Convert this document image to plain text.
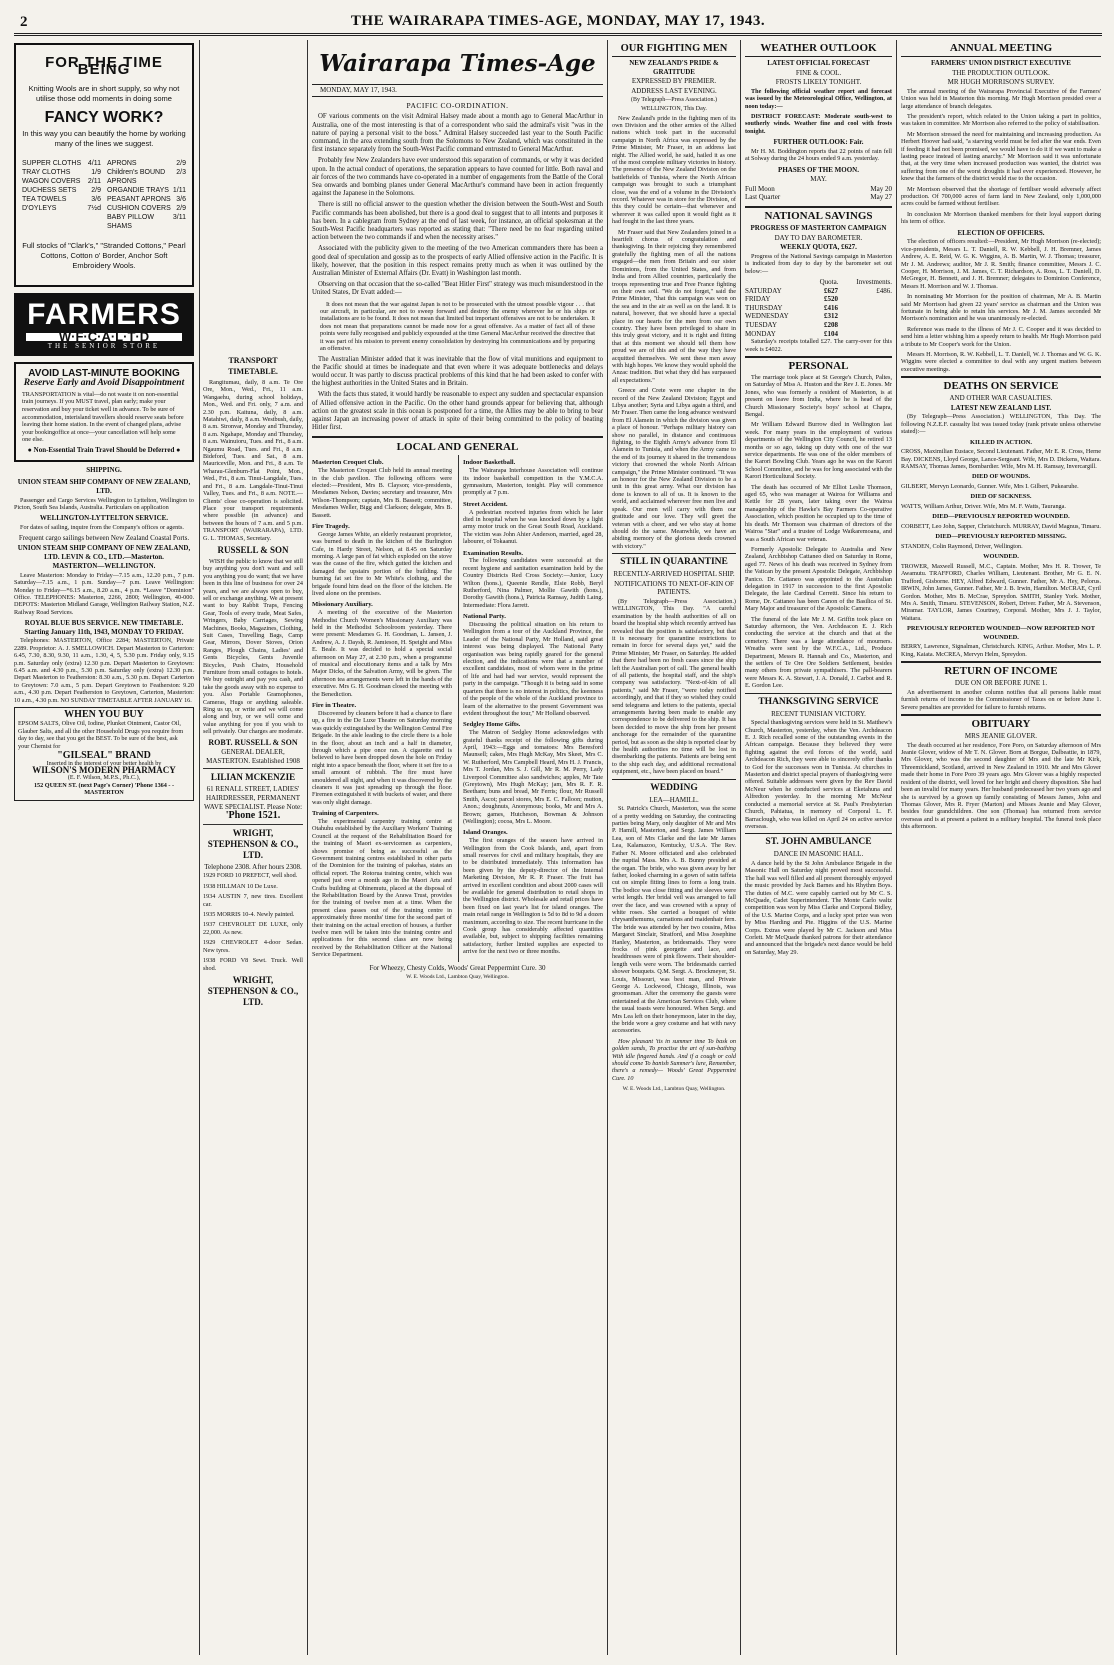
2	THE WAIRARAPA TIMES-AGE, MONDAY, MAY 17, 1943.
FOR THE TIME BEING
Knitting Wools are in short supply, so why not utilise those odd moments in doing some
FANCY WORK?
In this way you can beautify the home by working many of the lines we suggest.
SUPPER CLOTHS 4/11
TRAY CLOTHS	1/9
WAGON COVERS 2/11
DUCHESS SETS 2/9
TEA TOWELS	3/6
D'OYLEYS	7½d
APRONS	2/9
Children's BOUND APRONS
2/3
ORGANDIE TRAYS 1/11
PEASANT APRONS 3/6
CUSHION COVERS 2/9
BABY PILLOW SHAMS
3/11
Full stocks of "Clark's," "Stranded Cottons," Pearl Cottons, Cotton o' Border, Anchor Soft Embroidery Wools.
FARMERS
W·F·C·A·L·T·D
THE SENIOR STORE
AVOID LAST-MINUTE BOOKING
Reserve Early and Avoid Disappointment
TRANSPORTATION is vital—do not waste it on non-essential train journeys. If you MUST travel, plan early; make your reservation and buy your ticket well in advance. To be sure of accommodation, interisland travellers should reserve seats before leaving their home station. In the event of changed plans, advise your bookingoffice at once—your cancellation will help some one else.
● Non-Essential Train Travel Should be Deferred ●
SHIPPING.
UNION STEAM SHIP COMPANY OF NEW ZEALAND, LTD.

Passenger and Cargo Services Wellington to Lyttelton, Wellington to Picton, South Sea Islands, Australia. Particulars on application

WELLINGTON-LYTTELTON SERVICE.

For dates of sailing, inquire from the Company's offices or agents.

Frequent cargo sailings between New Zealand Coastal Ports.
UNION STEAM SHIP COMPANY OF NEW ZEALAND, LTD. LEVIN & CO., LTD.—Masterton.
MASTERTON—WELLINGTON.

Leave Masterton: Monday to Friday—7.15 a.m., 12.20 p.m., 7 p.m. Saturday—7.15 a.m., 1 p.m. Sunday—7 p.m. Leave Wellington: Monday to Friday—*6.15 a.m., 8.20 a.m., 4 p.m. *Leave "Dominion" Office. TELEPHONES: Masterton, 2266, 2800; Wellington, 40-000. DEPOTS: Masterton Midland Garage, Wellington Railway Station, N.Z. Railway Road Services.

ROYAL BLUE BUS SERVICE. NEW TIMETABLE. Starting January 11th, 1943, MONDAY TO FRIDAY.

Telephones: MASTERTON, Office 2284; MASTERTON, Private 2289. Proprietor: A. J. SMELLOWICH. Depart Masterton to Carterton: 6.45, 7.30, 8.30, 9.30, 11 a.m., 1.30, 4, 5, 5.30 p.m. Friday only, 9.15 p.m. Saturday only (extra) 12.30 p.m. Depart Masterton to Greytown: 6.45 a.m. and 4.30 p.m., 5.30 p.m. Saturday only (extra) 12.30 p.m. Depart Masterton to Featherston: 8.30 a.m., 5.30 p.m. Depart Carterton to Greytown: 7.0 a.m., 5 p.m. Depart Greytown to Featherston: 9.20 a.m., 4.30 p.m. Depart Featherston to Greytown, Carterton, Masterton: 10 a.m., 4.30 p.m. NO SUNDAY TIMETABLE AFTER JANUARY 16.

WHEN YOU BUY
EPSOM SALTS, Olive Oil, Iodine, Plunket Ointment, Castor Oil, Glauber Salts, and all the other Household Drugs you require from day to day, see that you get the BEST. To be sure of the best, ask your Chemist for
"GILSEAL" BRAND
Inserted in the interest of your better health by
WILSON'S MODERN PHARMACY
(E. F. Wilson, M.P.S., Ph.C.),
152 QUEEN ST. (next Page's Corner) 'Phone 1364 - - MASTERTON
TRANSPORT TIMETABLE.

Rangitumau, daily, 8 a.m. Te Ore Ore, Mon., Wed., Fri., 11 a.m. Wangaehu, during school holidays, Mon., Wed. and Fri. only, 7 a.m. and 2.30 p.m. Kaituna, daily, 8 a.m. Matahiwi, daily, 8 a.m. Westbush, daily, 8 a.m. Stronvar, Monday and Thursday, 8 a.m. Ngahape, Monday and Thursday, 8 a.m. Wainuioru, Tues. and Fri., 8 a.m. Ngaumu Road, Tues. and Fri., 8 a.m. Bideford, Tues. and Sat., 8 a.m. Mauriceville, Mon. and Fri., 8 a.m. Te Wharau-Glenburn-Flat Point, Mon., Wed., Fri., 8 a.m. Tinui-Langdale, Tues. and Fri., 8 a.m. Langdale-Tinui-Tinui Valley, Tues. and Fri., 8 a.m. NOTE.—Clients' close co-operation is solicited. Place your transport requirements where possible (in advance) and between the hours of 7 a.m. and 5 p.m. TRANSPORT (WAIRARAPA), LTD. G. L. THOMAS, Secretary.

RUSSELL & SON

WISH the public to know that we still buy anything you don't want and sell you anything you do want; that we have been in this line of business for over 24 years, and we are always open to buy, sell or exchange anything. We at present want to buy Rabbit Traps, Fencing Gear, Tools of every trade, Meat Safes, Wringers, Baby Carriages, Sewing Machines, Books, Magazines, Clothing, Suit Cases, Travelling Bags, Camp Gear, Mirrors, Dover Stoves, Orion Ranges, Plough Chains, Ladies' and Gents Bicycles, Gents Juvenile Bicycles, Push Chairs, Household Furniture from small cottages to hotels. We buy outright and pay you cash, and take the goods away with no expense to you. Also Portable Gramophones, Cameras, Hugs or anything saleable. Ring us up, or write and we will come along and buy, or we will come and value anything for you if you wish to sell privately. Our charges are moderate.

ROBT. RUSSELL & SON
GENERAL DEALER, MASTERTON. Established 1908
LILIAN MCKENZIE
61 RENALL STREET, LADIES' HAIRDRESSER, PERMANENT WAVE SPECIALIST. Please Note:
'Phone 1521.
WRIGHT, STEPHENSON & CO., LTD.
Telephone 2308. After hours 2308.

1929 FORD 10 PREFECT, well shod.

1938 HILLMAN 10 De Luxe.

1934 AUSTIN 7, new tires. Excellent car.

1935 MORRIS 10-4. Newly painted.

1937 CHEVROLET DE LUXE, only 22,000. As new.

1929 CHEVROLET 4-door Sedan. New tyres.

1938 FORD V8 Sewt. Truck. Well shod.

WRIGHT, STEPHENSON & CO., LTD.
Wairarapa Times-Age
MONDAY, MAY 17, 1943.
PACIFIC CO-ORDINATION.

OF various comments on the visit Admiral Halsey made about a month ago to General MacArthur in Australia, one of the most interesting is that of a correspondent who said the admiral's visit "was in the nature of paying a personal visit to the boss." Admiral Halsey succeeded last year to the South Pacific command, in the area extending south from the Solomons to New Zealand, which was constituted in the first instance separately from the South-West Pacific command entrusted to General MacArthur.

Probably few New Zealanders have ever understood this separation of commands, or why it was decided upon. In the actual conduct of operations, the separation appears to have counted for little. Both naval and air forces of the two commands have co-operated in a number of engagements from the Battle of the Coral Sea onwards and bombing planes under General MacArthur's command have been in action frequently against the Japanese in the Solomons.

There is still no official answer to the question whether the division between the South-West and South Pacific commands has been abolished, but there is a good deal to suggest that to all intents and purposes it has been. In a cablegram from Sydney at the end of last week, for instance, an official spokesman at the South-West Pacific headquarters was reported as stating that: "There need be no fear regarding united action between the two commands if and when the necessity arises."

Associated with the publicity given to the meeting of the two American commanders there has been a good deal of speculation and gossip as to the prospects of early Allied offensive action in the Pacific. It is likely, however, that the position in this respect remains pretty much as when it was outlined by the Australian Minister of External Affairs (Dr. Evatt) in Washington last month.

Observing on that occasion that the so-called "Beat Hitler First" strategy was much misunderstood in the United States, Dr Evatt added:—

It does not mean that the war against Japan is not to be prosecuted with the utmost possible vigour . . . that our aircraft, in particular, are not to sweep forward and destroy the enemy wherever he or his ships or installations are to be found. It does not mean that limited but important offensives are not to be undertaken. It does not mean that preparations cannot be made now for a great offensive. As a matter of fact all of these points were fully recognised and publicly expounded at the time General MacArthur received the directive that it was part of his mission to prevent enemy consolidation by destroying his communications and by preparing an offensive.

The Australian Minister added that it was inevitable that the flow of vital munitions and equipment to the Pacific should at times be inadequate and that even where it was adequate bottlenecks and delays would occur. It was partly to discuss practical problems of this kind that he had been asked to confer with the highest authorities in the United States and in Britain.

With the facts thus stated, it would hardly be reasonable to expect any sudden and spectacular expansion of Allied offensive action in the Pacific. On the other hand grounds appear for believing that, although action on the greatest scale in this ocean is postponed for a time, the Allies may be able to bring to bear against Japan an increasing power of attack in spite of their being committed to the policy of beating Hitler first.

LOCAL AND GENERAL
Masterton Croquet Club.

The Masterton Croquet Club held its annual meeting in the club pavilion. The following officers were elected:—President, Mrs B. Clayson; vice-presidents, Mesdames Nelson, Davies; secretary and treasurer, Mrs Wilson-Thompson; captain, Mrs B. Bassett; committee, Mesdames Weller, Bigg and Clarkson; delegate, Mrs B. Bassett.

Fire Tragedy.

George James White, an elderly restaurant proprietor, was burned to death in the kitchen of the Burlington Cafe, in Hardy Street, Nelson, at 8.45 on Saturday morning. A large pan of fat which exploded on the stove was the cause of the fire, which gutted the kitchen and damaged the upstairs portion of the building. The burning fat set fire to Mr White's clothing, and the brigade found him dead on the floor of the kitchen. He lived alone on the premises.

Missionary Auxiliary.

A meeting of the executive of the Masterton Methodist Church Women's Missionary Auxiliary was held in the Methodist Schoolroom yesterday. There were present: Mesdames G. H. Goodman, L. Jansen, J. Andrew, A. J. Daysh, R. Jamieson, H. Speight and Miss E. Beale. It was decided to hold a special social afternoon on May 27, at 2.30 p.m., when a programme of musical and elocutionary items and a talk by Mrs Major Dicks, of the Salvation Army, will be given. The afternoon tea arrangements were left in the hands of the executive. Mrs G. H. Goodman closed the meeting with the Benediction.

Fire in Theatre.

Discovered by cleaners before it had a chance to flare up, a fire in the De Luxe Theatre on Saturday morning was quickly extinguished by the Wellington Central Fire Brigade. In the aisle leading to the circle there is a hole in the floor, about an inch and a half in diameter, through which a pipe once ran. A cigarette end is believed to have been dropped down the hole on Friday night into a space beneath the floor, where it set fire to a small amount of rubbish. The fire must have smouldered all night, and when it was discovered by the cleaners it was just spreading up through the floor. Firemen extinguished it with buckets of water, and there was only slight damage.

Training of Carpenters.

The experimental carpentry training centre at Otahuhu established by the Auxiliary Workers' Training Council at the request of the Rehabilitation Board for the training of Maori ex-servicemen as carpenters, shows promise of being as successful as the Government training centres established in other parts of the Dominion for the training of pakehas, states an official report. The Rotorua training centre, which was opened just over a month ago in the Maori Arts and Crafts building at Ohinemutu, placed at the disposal of the Rehabilitation Board by the Arawa Trust, provides for the training of twelve men at a time. When the present class passes out of the training centre in approximately three months' time for the second part of their training on the actual erection of houses, a further twelve men will be taken into the training centre and applications for this second class are now being received by the Rehabilitation Officer at the National Service Department.

Indoor Basketball.

The Wairarapa Interhouse Association will continue its indoor basketball competition in the Y.M.C.A. gymnasium, Masterton, tonight. Play will commence promptly at 7 p.m.

Street Accident.

A pedestrian received injuries from which he later died in hospital when he was knocked down by a light army motor truck on the Great South Road, Auckland. The victim was John Ahier Anderson, married, aged 28, labourer, of Tokaanui.

Examination Results.

The following candidates were successful at the recent hygiene and sanitation examination held by the Country Districts Red Cross Society:—Junior, Lucy Wilton (hons.), Queenie Rendle, Elsie Robb, Beryl Rutherford, Nina Palmer, Mollie Gawith (hons.), Dorothy Gawith (hons.), Patricia Ramsay, Judith Laing. Intermediate: Flora Jarrett.

National Party.

Discussing the political situation on his return to Wellington from a tour of the Auckland Province, the Leader of the National Party, Mr Holland, said great interest was being displayed. The National Party organisation was being rapidly geared for the general election, and the indications were that a number of excellent candidates, most of whom were in the prime of life and had had war service, would represent the party in the campaign. "Though it is being said in some quarters that there is no interest in politics, the keenness of the people of the whole of the Auckland province to learn of the alternative to the present Government was evident throughout the tour," Mr Holland observed.

Sedgley Home Gifts.

The Matron of Sedgley Home acknowledges with grateful thanks receipt of the following gifts during April, 1943:—Eggs and tomatoes: Mrs Beresford Maunsell; cakes, Mrs Hugh McKay, Mrs Skeet, Mrs C. W. Rutherford, Mrs Campbell Heard, Mrs H. J. Francis, Mrs T. Jordan, Mrs S. J. Gill, Mr R. M. Perry, Lady Liverpool Committee also sandwiches; apples, Mr Tate (Greytown), Mrs Hugh McKay; jam, Mrs R. F. R. Beetham; buns and bread, Mr Ferris; flour, Mr Russell Smith, Ascot; parcel stores, Mrs E. C. Falloon; mutton, Anon.; doughnuts, Anonymous; books, Mr and Mrs A. Brown; games, Hutcheson, Bowman & Johnson (Wellington); cocoa, Mrs L. Moore.

Island Oranges.

The first oranges of the season have arrived in Wellington from the Cook Islands, and, apart from small reserves for civil and military hospitals, they are to be distributed immediately. This information has been given by the deputy-director of the Internal Marketing Division, Mr R. P. Fraser. The fruit has arrived in excellent condition and about 2000 cases will be available for general distribution to retail shops in the Wellington district. Wholesale and retail prices have been fixed on last year's list for island oranges. The main retail range in Wellington is 5d to 8d to 9d a dozen maximum, according to size. The recent hurricane in the Cook group has considerably affected quantities available, but, subject to shipping facilities remaining satisfactory, further limited supplies are expected to arrive for the next two or three months.

For Wheezy, Chesty Colds, Woods' Great Peppermint Cure. 30
W. E. Woods Ltd., Lambton Quay, Wellington.
OUR FIGHTING MEN
NEW ZEALAND'S PRIDE & GRATITUDE
EXPRESSED BY PREMIER.
ADDRESS LAST EVENING.
(By Telegraph—Press Association.) WELLINGTON, This Day.

New Zealand's pride in the fighting men of its own Division and the other armies of the Allied nations which took part in the successful campaign in North Africa was expressed by the Prime Minister, Mr Fraser, in an address last night. The Allied world, he said, hailed it as one of the most complete military victories in history. The presence of the New Zealand Division on the battlefields of Tunisia, where the North African campaign was brought to such a triumphant close, was the end of a volume in the Division's record. Whatever was in store for the Division, of this they could be certain—that whenever and wherever it was called upon it would fight as it had fought in the last three years.

Mr Fraser said that New Zealanders joined in a heartfelt chorus of congratulation and thanksgiving. In their rejoicing they remembered gratefully the fighting men of all the nations engaged—the men from Britain and our sister Dominions, from the United States, and from India and from Allied countries, particularly the troops representing true and Free France fighting on their own soil. "We do not forget," said the Prime Minister, "that this campaign was won on the sea and in the air as well as on the land. It is natural, however, that we should have a special place in our hearts for the men from our own country. They have been privileged to share in this truly great victory, and it is right and fitting that at this moment we should tell them how proud we are of this and of the way they have acquitted themselves. We sent these men away with high hopes. We know they would uphold the Anzac tradition. But what they did has surpassed all expectations."

Greece and Crete were one chapter in the record of the New Zealand Division; Egypt and Libya another; Syria and Libya again a third, and Mr Fraser. Then came the long advance westward from El Alamein in which the division was given a place of honour. "Perhaps military history can show no parallel, in distance and continuous fighting, to the Eighth Army's advance from El Alamein to Tunisia, and when the Army came to the end of its journey it shared in the tremendous victory that crowned the whole North African campaign," the Prime Minister continued. "It was an honour for the New Zealand Division to be a unit in this great army. What our division has done is known to all of us. It is known to the world, and acclaimed wherever free men live and speak. Our men will carry with them our gratitude and our love. They will greet the veteran with a cheer, and we who stay at home should do the same. Meanwhile, we have an abiding memory of the glorious deeds crowned with victory."

STILL IN QUARANTINE
RECENTLY-ARRIVED HOSPITAL SHIP.
NOTIFICATIONS TO NEXT-OF-KIN OF PATIENTS.

(By Telegraph—Press Association.) WELLINGTON, This Day. "A careful examination by the health authorities of all on board the hospital ship which recently arrived has revealed that the position is satisfactory, but that it is necessary for quarantine restrictions to remain in force for several days yet," said the Prime Minister, Mr Fraser, on Saturday. He added that there had been no fresh cases since the ship left the Australian port of call. The general health of all patients, the hospital staff, and the ship's company was satisfactory. "Next-of-kin of all patients," said Mr Fraser, "were today notified accordingly, and that if they so wished they could send telegrams and letters to the patients, special arrangements having been made to enable any correspondence to be delivered to the ship. It has been decided to move the ship from her present anchorage for the remainder of the quarantine period, but as soon as the ship is reported clear by the health authorities no time will be lost in disembarking the patients. Patients are being sent to the ship each day, and additional recreational equipment, etc., have been placed on board."

WEDDING
LEA—HAMILL.

St. Patrick's Church, Masterton, was the scene of a pretty wedding on Saturday, the contracting parties being Mary, only daughter of Mr and Mrs P. Hamill, Masterton, and Sergt. James William Lea, son of Mrs Clarke and the late Mr James Lea, Kalamazoo, Kentucky, U.S.A. The Rev. Father N. Moore officiated and also celebrated the nuptial Mass. Mrs A. B. Bunny presided at the organ. The bride, who was given away by her father, looked charming in a gown of satin taffeta cut on simple fitting lines to form a long train. The bodice was close fitting and the sleeves were wrist length. Her bridal veil was arranged to fall over the face, and was crowned with a spray of white roses. She carried a bouquet of white chrysanthemums, carnations and maidenhair fern. The bride was attended by her two cousins, Miss Margaret Sinclair, Stratford, and Miss Josephine Hanley, Masterton, as bridesmaids. They wore frocks of pink georgette and lace, and headdresses were of pink flowers. Their shoulder-length veils were worn. The bridesmaids carried shower bouquets. Q.M. Sergt. A. Brockmeyer, St. Louis, Missouri, was best man, and Private George A. Lockwood, Chicago, Illinois, was groomsman. After the ceremony the guests were entertained at the American Services Club, where the usual toasts were honoured. When Sergt. and Mrs Lea left on their honeymoon, later in the day, the bride wore a grey costume and hat with navy accessories.

How pleasant 'tis in summer time To bask on golden sands, To practise the art of sun-bathing With idle fingered hands. And if a cough or cold should come To banish Summer's lure, Remember, there's a remedy— Woods' Great Peppermint Cure. 10

W. E. Woods Ltd., Lambton Quay, Wellington.
WEATHER OUTLOOK
LATEST OFFICIAL FORECAST
FINE & COOL.
FROSTS LIKELY TONIGHT.

The following official weather report and forecast was issued by the Meteorological Office, Wellington, at noon today:—

DISTRICT FORECAST: Moderate south-west to southerly winds. Weather fine and cool with frosts tonight.

FURTHER OUTLOOK: Fair.

Mr H. M. Boddington reports that 22 points of rain fell at Solway during the 24 hours ended 9 a.m. yesterday.

PHASES OF THE MOON.
MAY.
Full Moon	May 20
Last Quarter	May 27
NATIONAL SAVINGS
PROGRESS OF MASTERTON CAMPAIGN
DAY TO DAY BAROMETER.
WEEKLY QUOTA, £627.

Progress of the National Savings campaign in Masterton is indicated from day to day by the barometer set out below:—

Quota.	Investments.
SATURDAY	£627	£486.
FRIDAY	£520
THURSDAY	£416
WEDNESDAY	£312
TUESDAY	£208
MONDAY	£104

Saturday's receipts totalled £27. The carry-over for this week is £4022.

PERSONAL

The marriage took place at St George's Church, Paltes, on Saturday of Miss A. Huston and the Rev J. E. Jones. Mr Jones, who was formerly a resident of Masterton, is at present on leave from India, where he is head of the Church Missionary Society's boys' school at Chapra, Bengal.

Mr William Edward Burrow died in Wellington last week. For many years in the employment of various departments of the Wellington City Council, he retired 13 months or so ago, taking up duty with one of the war service departments. He was one of the older members of the Karori Bowling Club. Years ago he was on the Karori School Committee, and he was for long associated with the Karori Horticultural Society.

The death has occurred of Mr Elliot Leslie Thomson, aged 65, who was manager at Wairoa for Williams and Kettle for 28 years, later taking over the Wairoa managership of the Hawke's Bay Farmers Co-operative Association, which position he occupied up to the time of his death. Mr Thomson was chairman of directors of the Wairoa "Star" and a trustee of Lodge Waikaremoana, and was a South African war veteran.

Formerly Apostolic Delegate to Australia and New Zealand, Archbishop Cattaneo died on Saturday in Rome, aged 77. News of his death was received in Sydney from the Vatican by the present Apostolic Delegate, Archbishop Panico. Dr. Cattaneo was appointed to the Australian delegation in 1917 in succession to the first Apostolic Delegate, the late Cardinal Cerretti. Since his return to Rome, Dr. Cattaneo has been Canon of the Basilica of St. Mary Major and treasurer of the Apostolic Camera.

The funeral of the late Mr J. M. Griffin took place on Saturday afternoon, the Ven. Archdeacon E. J. Rich conducting the service at the church and that at the cemetery. There was a large attendance of mourners. Wreaths were sent by the W.F.C.A., Ltd., Produce Department, Messrs R. Hannah and Co., Masterton, and the settlers of Te Ore Ore Soldiers Settlement, besides many others from private sympathisers. The pall-bearers were Messrs K. A. Stewart, J. A. Donald, J. Carbot and R. E. Gordon Lee.

THANKSGIVING SERVICE
RECENT TUNISIAN VICTORY.

Special thanksgiving services were held in St. Matthew's Church, Masterton, yesterday, when the Ven. Archdeacon E. J. Rich recalled some of the outstanding events in the African campaign. Because they believed they were fighting against the evil forces of the world, said Archdeacon Rich, they were able to sincerely offer thanks to God for the successes won in Tunisia. At churches in Masterton and district special prayers of thanksgiving were offered. Suitable addresses were given by the Rev David McNeur when he conducted services at Eketahuna and Alfredton yesterday. In the morning Mr McNeur conducted a memorial service at St. Paul's Presbyterian Church, Pahiatua, in memory of Corporal L. F. Barraclough, who was killed on April 24 on active service overseas.

ST. JOHN AMBULANCE
DANCE IN MASONIC HALL.

A dance held by the St John Ambulance Brigade in the Masonic Hall on Saturday night proved most successful. The hall was well filled and all present thoroughly enjoyed the music provided by Jack Barnes and his Rhythm Boys. The duties of M.C. were capably carried out by Mr C. S. McQuade, Cadet Superintendent. The Monte Carlo waltz competition was won by Miss Clarke and Corporal Bidley, of the U.S. Marine Corps, and a lucky spot prize was won by Miss Harding and Pte. Higgins of the U.S. Marine Corps. Extras were played by Mr C. Jackson and Miss Corlett. Mr McQuade thanked patrons for their attendance and announced that the brigade's next dance would be held on Saturday, May 29.

ANNUAL MEETING
FARMERS' UNION DISTRICT EXECUTIVE
THE PRODUCTION OUTLOOK.
MR HUGH MORRISON'S SURVEY.

The annual meeting of the Wairarapa Provincial Executive of the Farmers' Union was held in Masterton this morning. Mr Hugh Morrison presided over a large attendance of branch delegates.

The president's report, which related to the Union taking a part in politics, was taken in committee. Mr Morrison also referred to the policy of stabilisation.

Mr Morrison stressed the need for maintaining and increasing production. As Herbert Hoover had said, "a starving world must be fed after the war ends. Even if feeding it had not been promised, we would have to do it if we want to make a lasting peace instead of lasting anarchy." Mr Morrison said it was unfortunate that, at the very time when increased production was wanted, the district was suffering from one of the worst droughts it had ever experienced. However, he knew that the farmers of the district would rise to the occasion.

Mr Morrison observed that the shortage of fertiliser would adversely affect production. Of 700,000 acres of farm land in New Zealand, only 1,000,000 acres could be farmed without fertiliser.

In conclusion Mr Morrison thanked members for their loyal support during his term of office.

ELECTION OF OFFICERS.

The election of officers resulted:—President, Mr Hugh Morrison (re-elected); vice-presidents, Messrs L. T. Daniell, R. W. Kebbell, J. H. Bremner, James Andrew, A. E. Reid, W. G. K. Wiggins, A. B. Martin, W. J. Thomas; treasurer, Mr J. M. Andrews; auditor, Mr J. R. Smith; finance committee, Messrs J. C. Cooper, H. Morrison, J. M. James, C. T. Richardson, A. Ross, L. T. Daniell, D. McGregor, H. Bennett, and J. H. Bremner; delegates to Dominion Conference, Messrs H. Morrison and W. J. Thomas.

In nominating Mr Morrison for the position of chairman, Mr A. B. Martin said Mr Morrison had given 22 years' service as chairman and the Union was fortunate in being able to retain his services. Mr J. M. James seconded Mr Morrison's nomination and he was unanimously re-elected.

Reference was made to the illness of Mr J. C. Cooper and it was decided to send him a letter wishing him a speedy return to health. Mr Hugh Morrison paid a tribute to Mr Cooper's work for the Union.

Messrs H. Morrison, R. W. Kebbell, L. T. Daniell, W. J. Thomas and W. G. K. Wiggins were elected a committee to deal with any urgent matters between executive meetings.

DEATHS ON SERVICE
AND OTHER WAR CASUALTIES.
LATEST NEW ZEALAND LIST.

(By Telegraph—Press Association.) WELLINGTON, This Day. The following N.Z.E.F. casualty list was issued today (rank private unless otherwise stated):—

KILLED IN ACTION.

CROSS, Maximilian Eustace, Second Lieutenant. Father, Mr E. R. Cross, Herne Bay. DICKENS, Lloyd George, Lance-Sergeant. Wife, Mrs D. Dickens, Waitara. RAMSAY, Thomas James, Bombardier. Wife, Mrs M. H. Ramsay, Invercargill.

DIED OF WOUNDS.

GILBERT, Mervyn Leonardo, Gunner. Wife, Mrs I. Gilbert, Pukearuhe.

DIED OF SICKNESS.

WATTS, William Arthur, Driver. Wife, Mrs M. F. Watts, Tauranga.

DIED—PREVIOUSLY REPORTED WOUNDED.

CORBETT, Leo John, Sapper, Christchurch. MURRAY, David Magnus, Timaru.

DIED—PREVIOUSLY REPORTED MISSING.

STANDEN, Colin Raymond, Driver, Wellington.

WOUNDED.

TROWER, Maxwell Russell, M.C., Captain. Mother, Mrs H. R. Trower, Te Awamutu. TRAFFORD, Charles William, Lieutenant. Brother, Mr G. E. N. Trafford, Gisborne. HEY, Alfred Edward, Gunner. Father, Mr A. Hey, Pelorus. IRWIN, John James, Gunner. Father, Mr J. B. Irwin, Hamilton. McCRAE, Cyril Gordon. Mother, Mrs B. McCrae, Spreydon. SMITH, Stanley York. Mother, Mrs A. Smith, Timaru. STEVENSON, Robert, Driver. Father, Mr A. Stevenson, Miramar. TAYLOR, James Courtney, Corporal. Mother, Mrs J. J. Taylor, Waitara.

PREVIOUSLY REPORTED WOUNDED—NOW REPORTED NOT WOUNDED.

BERRY, Lawrence, Signalman, Christchurch. KING, Arthur. Mother, Mrs L. P. King, Kaiata. McCREA, Mervyn Helm, Spreydon.

RETURN OF INCOME
DUE ON OR BEFORE JUNE 1.

An advertisement in another column notifies that all persons liable must furnish returns of income to the Commissioner of Taxes on or before June 1. Severe penalties are provided for failure to furnish returns.

OBITUARY
MRS JEANIE GLOVER.

The death occurred at her residence, Fore Poro, on Saturday afternoon of Mrs Jeanie Glover, widow of Mr T. N. Glover. Born at Borgue, Dalbeattie, in 1879, Mrs Glover, who was the second daughter of Mrs and the late Mr Kirk, Threemickland, Scotland, arrived in New Zealand in 1910. Mr and Mrs Glover made their home in Fore Poro 39 years ago. Mrs Glover was a highly respected resident of the district, well loved for her bright and cheery disposition. She had been an invalid for many years. Her husband predeceased her two years ago and she is survived by a grown up family consisting of Messrs James, John and Thomas Glover, Mrs R. Fryer (Marton) and Misses Jeanie and May Glover, besides four grandchildren. One son (Thomas) has returned from service overseas and is at present a patient in a military hospital. The funeral took place this afternoon.
